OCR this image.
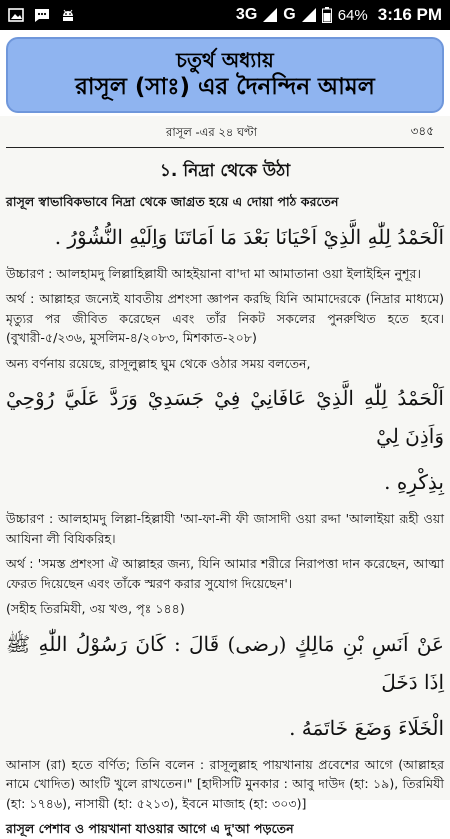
3G G	64% 3:16 PM
চতুর্থ অধ্যায়
রাসূল (সাঃ) এর দৈনন্দিন আমল
রাসূল -এর ২৪ ঘণ্টা	৩৪৫
১. নিদ্রা থেকে উঠা
রাসূল স্বাভাবিকভাবে নিদ্রা থেকে জাগ্রত হয়ে এ দোয়া পাঠ করতেন
اَلْحَمْدُ لِلّٰهِ الَّذِيْ اَحْيَانَا بَعْدَ مَا اَمَاتَنَا وَاِلَيْهِ النُّشُوْرُ .
উচ্চারণ : আলহামদু লিল্লাহিল্লাযী আহইয়ানা বা'দা মা আমাতানা ওয়া ইলাইহিন নুশূর।
অর্থ : আল্লাহর জন্যেই যাবতীয় প্রশংসা জ্ঞাপন করছি যিনি আমাদেরকে (নিদ্রার মাধ্যমে) মৃত্যুর পর জীবিত করেছেন এবং তাঁর নিকট সকলের পুনরুত্থিত হতে হবে। (বুখারী-৫/২৩৬, মুসলিম-৪/২০৮৩, মিশকাত-২০৮)
অন্য বর্ণনায় রয়েছে, রাসূলুল্লাহ ঘুম থেকে ওঠার সময় বলতেন,
اَلْحَمْدُ لِلّٰهِ الَّذِيْ عَافَانِيْ فِيْ جَسَدِيْ وَرَدَّ عَلَيَّ رُوْحِيْ وَاَذِنَ لِيْ
بِذِكْرِهِ .
উচ্চারণ : আলহামদু লিল্লা-হিল্লাযী 'আ-ফা-নী ফী জাসাদী ওয়া রদ্দা 'আলাইয়া রূহী ওয়া আযিনা লী বিযিকরিহ।
অর্থ : 'সমস্ত প্রশংসা ঐ আল্লাহর জন্য, যিনি আমার শরীরে নিরাপত্তা দান করেছেন, আত্মা ফেরত দিয়েছেন এবং তাঁকে স্মরণ করার সুযোগ দিয়েছেন'।
(সহীহ তিরমিযী, ৩য় খণ্ড, পৃঃ ১৪৪)
عَنْ اَنَسِ بْنِ مَالِكٍ (رضى) قَالَ : كَانَ رَسُوْلُ اللّٰهِ ﷺ اِذَا دَخَلَ
الْخَلَاءَ وَضَعَ خَاتَمَهُ .
আনাস (রা) হতে বর্ণিত; তিনি বলেন : রাসূলুল্লাহ পায়খানায় প্রবেশের আগে (আল্লাহর নামে খোদিত) আংটি খুলে রাখতেন।" [হাদীসটি মুনকার : আবু দাউদ (হা: ১৯), তিরমিযী (হা: ১৭৪৬), নাসায়ী (হা: ৫২১৩), ইবনে মাজাহ (হা: ৩০৩)]
রাসূল পেশাব ও পায়খানা যাওয়ার আগে এ দু'আ পড়তেন
